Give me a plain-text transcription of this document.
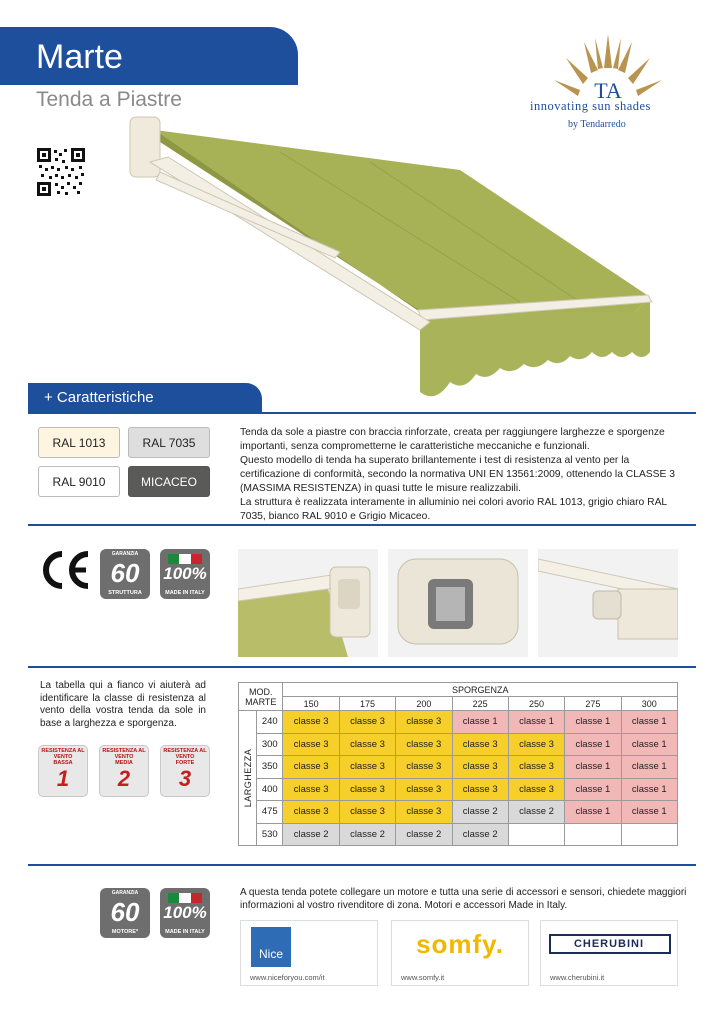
Marte
Tenda a Piastre	TA
innovating sun shades
by Tendarredo
+ Caratteristiche
RAL 1013	RAL 7035
RAL 9010	MICACEO

Tenda da sole a piastre con braccia rinforzate, creata per raggiungere larghezze e sporgenze importanti, senza comprometterne le caratteristiche meccaniche e funzionali.

Questo modello di tenda ha superato brillantemente i test di resistenza al vento per la certificazione di conformità, secondo la normativa UNI EN 13561:2009, ottenendo la CLASSE 3 (MASSIMA RESISTENZA) in quasi tutte le misure realizzabili.

La struttura è realizzata interamente in alluminio nei colori avorio RAL 1013, grigio chiaro RAL 7035, bianco RAL 9010 e Grigio Micaceo.

GARANZIA
60
STRUTTURA
100%
MADE IN ITALY
La tabella qui a fianco vi aiuterà ad identificare la classe di resistenza al vento della vostra tenda da sole in base a larghezza e sporgenza.
RESISTENZA AL VENTO
BASSA
1
RESISTENZA AL VENTO
MEDIA
2
RESISTENZA AL VENTO
FORTE
3
MOD.
MARTE		SPORGENZA						
		150	175	200	225	250	275	300

LARGHEZZA	240	classe 3	classe 3	classe 3	classe 1	classe 1	classe 1	classe 1
	300	classe 3	classe 3	classe 3	classe 3	classe 3	classe 1	classe 1
	350	classe 3	classe 3	classe 3	classe 3	classe 3	classe 1	classe 1
	400	classe 3	classe 3	classe 3	classe 3	classe 3	classe 1	classe 1
	475	classe 3	classe 3	classe 3	classe 2	classe 2	classe 1	classe 1
	530	classe 2	classe 2	classe 2	classe 2			
GARANZIA
60
MOTORE*
100%
MADE IN ITALY
A questa tenda potete collegare un motore e tutta una serie di accessori e sensori, chiedete maggiori informazioni al vostro rivenditore di zona. Motori e accessori Made in Italy.
Nice
www.niceforyou.com/it
somfy.
www.somfy.it
CHERUBINI
www.cherubini.it
